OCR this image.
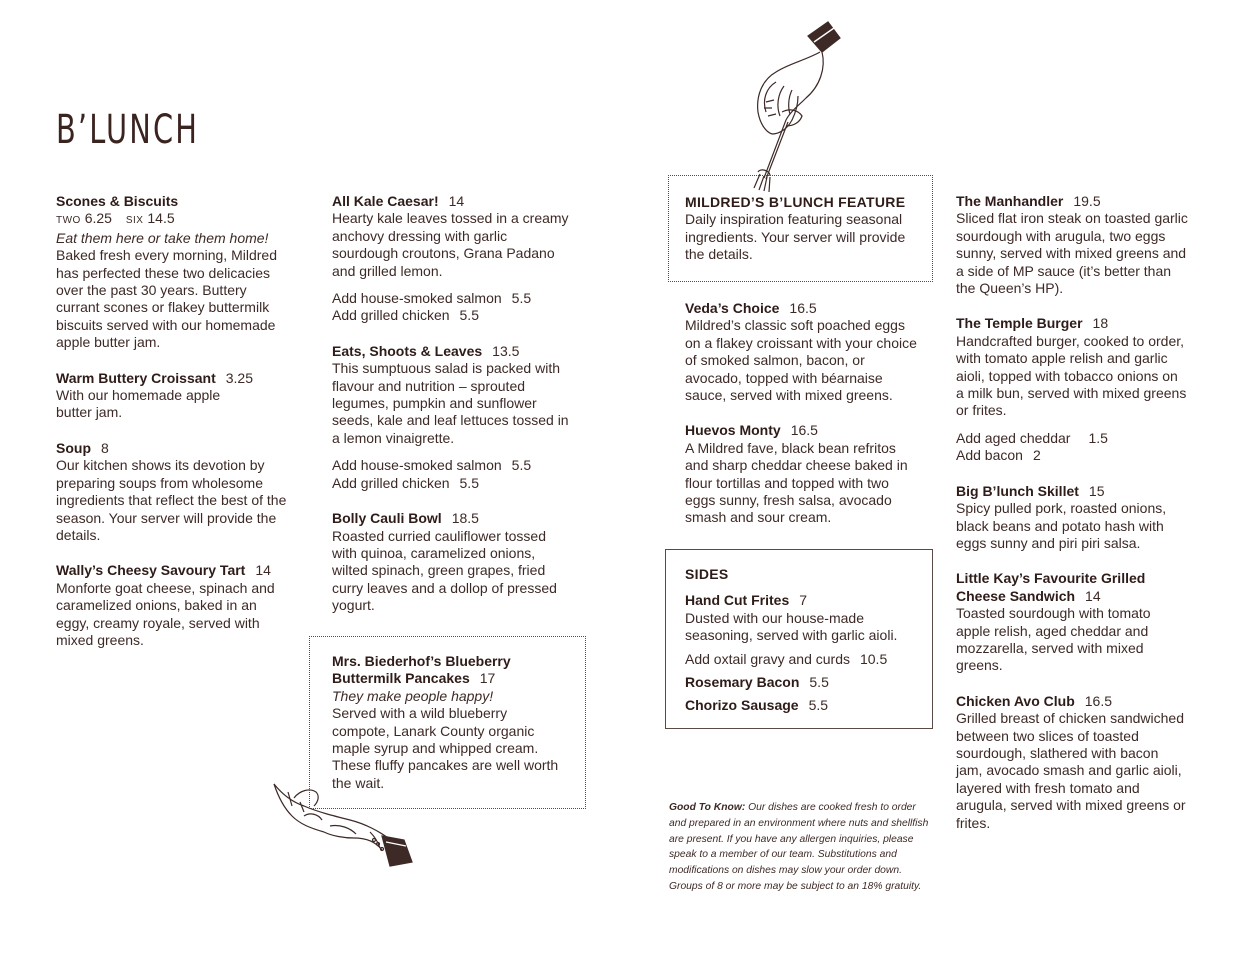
B’LUNCH
Scones & Biscuits
TWO 6.25 SIX 14.5
Eat them here or take them home!
Baked fresh every morning, Mildred has perfected these two delicacies over the past 30 years. Buttery currant scones or flakey buttermilk biscuits served with our homemade apple butter jam.
Warm Buttery Croissant 3.25
With our homemade apple butter jam.
Soup 8
Our kitchen shows its devotion by preparing soups from wholesome ingredients that reflect the best of the season. Your server will provide the details.
Wally’s Cheesy Savoury Tart 14
Monforte goat cheese, spinach and caramelized onions, baked in an eggy, creamy royale, served with mixed greens.
All Kale Caesar! 14
Hearty kale leaves tossed in a creamy anchovy dressing with garlic sourdough croutons, Grana Padano and grilled lemon.
Add house-smoked salmon 5.5
Add grilled chicken 5.5
Eats, Shoots & Leaves 13.5
This sumptuous salad is packed with flavour and nutrition – sprouted legumes, pumpkin and sunflower seeds, kale and leaf lettuces tossed in a lemon vinaigrette.
Add house-smoked salmon 5.5
Add grilled chicken 5.5
Bolly Cauli Bowl 18.5
Roasted curried cauliflower tossed with quinoa, caramelized onions, wilted spinach, green grapes, fried curry leaves and a dollop of pressed yogurt.
Mrs. Biederhof’s Blueberry
Buttermilk Pancakes 17
They make people happy!
Served with a wild blueberry compote, Lanark County organic maple syrup and whipped cream. These fluffy pancakes are well worth the wait.
MILDRED’S B’LUNCH FEATURE
Daily inspiration featuring seasonal ingredients. Your server will provide the details.
Veda’s Choice 16.5
Mildred’s classic soft poached eggs on a flakey croissant with your choice of smoked salmon, bacon, or avocado, topped with béarnaise sauce, served with mixed greens.
Huevos Monty 16.5
A Mildred fave, black bean refritos and sharp cheddar cheese baked in flour tortillas and topped with two eggs sunny, fresh salsa, avocado smash and sour cream.
SIDES
Hand Cut Frites 7
Dusted with our house-made seasoning, served with garlic aioli.
Add oxtail gravy and curds 10.5
Rosemary Bacon 5.5
Chorizo Sausage 5.5
Good To Know: Our dishes are cooked fresh to order and prepared in an environment where nuts and shellfish are present. If you have any allergen inquiries, please speak to a member of our team. Substitutions and modifications on dishes may slow your order down. Groups of 8 or more may be subject to an 18% gratuity.
The Manhandler 19.5
Sliced flat iron steak on toasted garlic sourdough with arugula, two eggs sunny, served with mixed greens and a side of MP sauce (it’s better than the Queen’s HP).
The Temple Burger 18
Handcrafted burger, cooked to order, with tomato apple relish and garlic aioli, topped with tobacco onions on a milk bun, served with mixed greens or frites.
Add aged cheddar 1.5
Add bacon 2
Big B’lunch Skillet 15
Spicy pulled pork, roasted onions, black beans and potato hash with eggs sunny and piri piri salsa.
Little Kay’s Favourite Grilled
Cheese Sandwich 14
Toasted sourdough with tomato apple relish, aged cheddar and mozzarella, served with mixed greens.
Chicken Avo Club 16.5
Grilled breast of chicken sandwiched between two slices of toasted sourdough, slathered with bacon jam, avocado smash and garlic aioli, layered with fresh tomato and arugula, served with mixed greens or frites.
